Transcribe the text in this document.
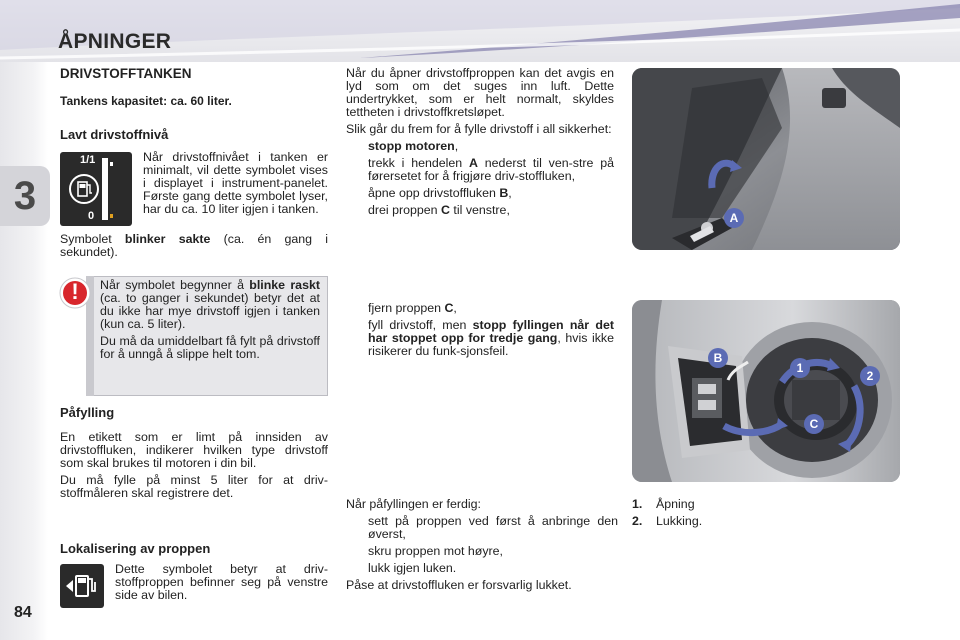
ÅPNINGER
3
84
DRIVSTOFFTANKEN
Tankens kapasitet: ca. 60 liter.
Lavt drivstoffnivå
1/1
0
Når drivstoffnivået i tanken er minimalt, vil dette symbolet vises i displayet i instrument-panelet. Første gang dette symbolet lyser, har du ca. 10 liter igjen i tanken.
Symbolet blinker sakte (ca. én gang i sekundet).
!	Når symbolet begynner å blinke raskt (ca. to ganger i sekundet) betyr det at du ikke har mye drivstoff igjen i tanken (kun ca. 5 liter).

Du må da umiddelbart få fylt på drivstoff for å unngå å slippe helt tom.

Påfylling

En etikett som er limt på innsiden av drivstoffluken, indikerer hvilken type drivstoff som skal brukes til motoren i din bil.

Du må fylle på minst 5 liter for at driv-stoffmåleren skal registrere det.

Lokalisering av proppen
Dette symbolet betyr at driv-stoffproppen befinner seg på venstre side av bilen.

Når du åpner drivstoffproppen kan det avgis en lyd som om det suges inn luft. Dette undertrykket, som er helt normalt, skyldes tettheten i drivstoffkretsløpet.

Slik går du frem for å fylle drivstoff i all sikkerhet:

stopp motoren,
trekk i hendelen A nederst til ven-stre på førersetet for å frigjøre driv-stoffluken,
åpne opp drivstoffluken B,
drei proppen C til venstre,
fjern proppen C,
fyll drivstoff, men stopp fyllingen når det har stoppet opp for tredje gang, hvis ikke risikerer du funk-sjonsfeil.

Når påfyllingen er ferdig:

sett på proppen ved først å anbringe den øverst,
skru proppen mot høyre,
lukk igjen luken.

Påse at drivstoffluken er forsvarlig lukket.

A
B
1
2
C
1.	Åpning
2.	Lukking.
